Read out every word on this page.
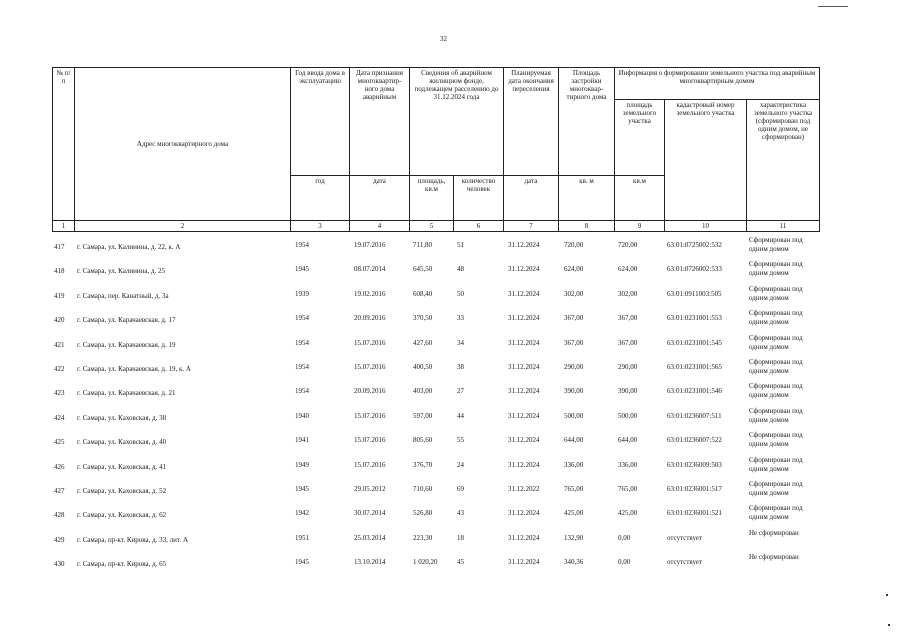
32
№ п/п	Адрес многоквартирного дома	Год ввода дома в эксплуатацию	Дата признания многоквартир-ного дома аварийным	Сведения об аварийном жилищном фонде, подлежащем расселению до 31.12.2024 года		Планируемая дата окончания переселения	Площадь застройки многоквар-тирного дома	Информация о формировании земельного участка под аварийным многоквартирным домом		
								площадь земельного участка	кадастровый номер земельного участка	характеристика земельного участка (сформирован под одним домом, не сформирован)
		год	дата	площадь, кв.м	количество человек	дата	кв. м	кв.м		
1	2	3	4	5	6	7	8	9	10	11
417 г. Самара, ул. Калинина, д. 22, к. А	1954	19.07.2016	711,80	51	31.12.2024	720,00	720,00	63:01:0725002:532
Сформирован под одним домом
418 г. Самара, ул. Калинина, д. 25	1945	08.07.2014	645,50	48	31.12.2024	624,00	624,00	63:01:0726002:533
Сформирован под одним домом
419 г. Самара, пер. Канатный, д. 3а	1939	19.02.2016	608,40	50	31.12.2024	302,00	302,00	63:01:0911003:505
Сформирован под одним домом
420 г. Самара, ул. Карачаевская, д. 17	1954	20.09.2016	370,50	33	31.12.2024	367,00	367,00	63:01:0231001:553
Сформирован под одним домом
421 г. Самара, ул. Карачаевская, д. 19	1954	15.07.2016	427,60	34	31.12.2024	367,00	367,00	63:01:0231001:545
Сформирован под одним домом
422 г. Самара, ул. Карачаевская, д. 19, к. А	1954	15.07.2016	400,50	38	31.12.2024	290,00	290,00	63:01:0231001:565
Сформирован под одним домом
423 г. Самара, ул. Карачаевская, д. 21	1954	20.09.2016	403,00	27	31.12.2024	390,00	390,00	63:01:0231001:546
Сформирован под одним домом
424 г. Самара, ул. Каховская, д. 38	1940	15.07.2016	597,00	44	31.12.2024	500,00	500,00	63:01:0236007:511
Сформирован под одним домом
425 г. Самара, ул. Каховская, д. 40	1941	15.07.2016	805,60	55	31.12.2024	644,00	644,00	63:01:0236007:522
Сформирован под одним домом
426 г. Самара, ул. Каховская, д. 41	1949	15.07.2016	376,70	24	31.12.2024	336,00	336,00	63:01:0236009:503
Сформирован под одним домом
427 г. Самара, ул. Каховская, д. 52	1945	29.05.2012	710,60	69	31.12.2022	765,00	765,00	63:01:0236001:517
Сформирован под одним домом
428 г. Самара, ул. Каховская, д. 62	1942	30.07.2014	526,80	43	31.12.2024	425,00	425,00	63:01:0236001:521
Сформирован под одним домом
429 г. Самара, пр-кт. Кирова, д. 33, лит. А	1951	25.03.2014	223,30	18	31.12.2024	132,90	0,00	отсутствует
Не сформирован
430 г. Самара, пр-кт. Кирова, д. 65	1945	13.10.2014	1 020,20	45	31.12.2024	340,36	0,00	отсутствует
Не сформирован
